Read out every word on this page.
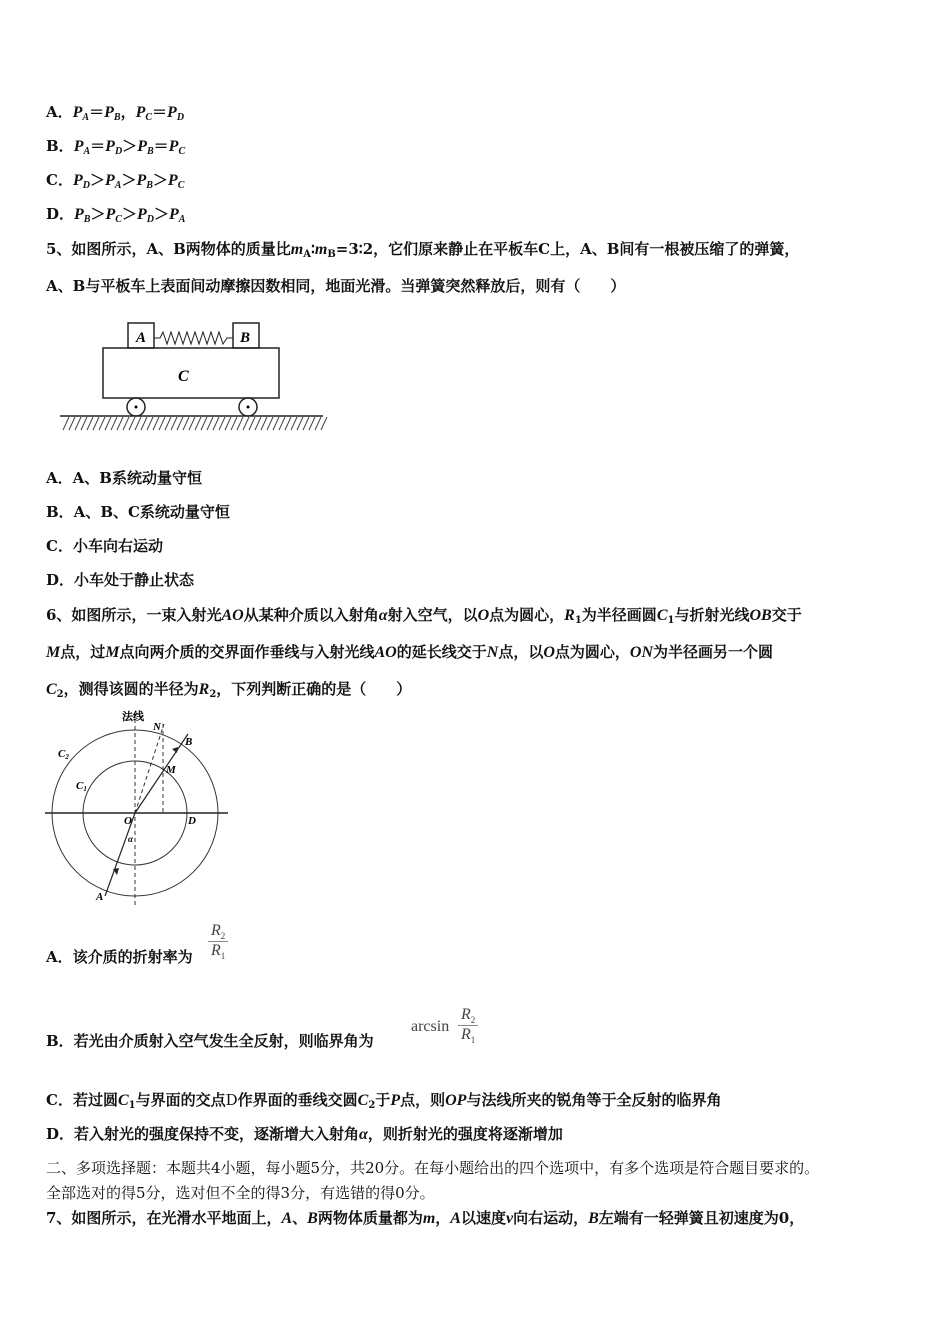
A．$P_A=P_B$，$P_C=P_D$
B．$P_A=P_D>P_B=P_C$
C．$P_D>P_A>P_B>P_C$
D．$P_B>P_C>P_D>P_A$
5、如图所示，A、B两物体的质量比$m_A∶m_B=3∶2$，它们原来静止在平板车C上，A、B间有一根被压缩了的弹簧，
A、B与平板车上表面间动摩擦因数相同，地面光滑。当弹簧突然释放后，则有（　　）
A．A、B系统动量守恒
B．A、B、C系统动量守恒
C．小车向右运动
D．小车处于静止状态
6、如图所示，一束入射光AO从某种介质以入射角α射入空气，以O点为圆心，$R_1$为半径画圆$C_1$与折射光线OB交于
M点，过M点向两介质的交界面作垂线与入射光线AO的延长线交于N点，以O点为圆心，ON为半径画另一个圆
$C_2$，测得该圆的半径为$R_2$，下列判断正确的是（　　）
A．该介质的折射率为
B．若光由介质射入空气发生全反射，则临界角为
C．若过圆$C_1$与界面的交点D作界面的垂线交圆$C_2$于P点，则OP与法线所夹的锐角等于全反射的临界角
D．若入射光的强度保持不变，逐渐增大入射角α，则折射光的强度将逐渐增加
二、多项选择题：本题共4小题，每小题5分，共20分。在每小题给出的四个选项中，有多个选项是符合题目要求的。
全部选对的得5分，选对但不全的得3分，有选错的得0分。
7、如图所示，在光滑水平地面上，A、B两物体质量都为m，A以速度v向右运动，B左端有一轻弹簧且初速度为0，
A	B
C
法线
C2
C1
N
B
M
O	D
α
A
$\frac{R_2}{R_1}$
$\arcsin \frac{R_2}{R_1}$
